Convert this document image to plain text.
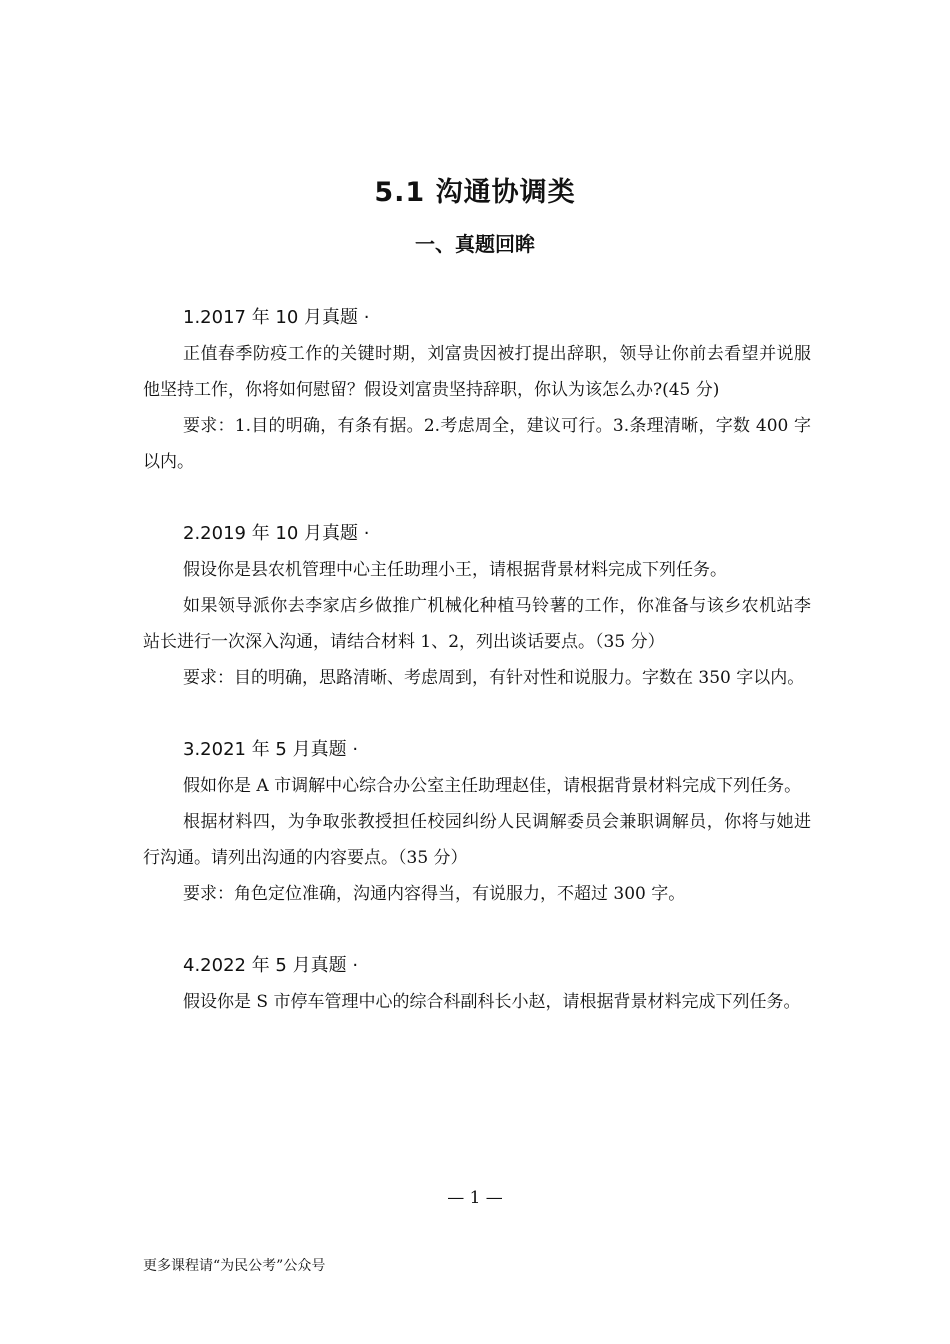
5.1 沟通协调类
一、真题回眸
1.2017 年 10 月真题 ·

正值春季防疫工作的关键时期，刘富贵因被打提出辞职，领导让你前去看望并说服他坚持工作，你将如何慰留？假设刘富贵坚持辞职，你认为该怎么办?(45 分)

要求：1.目的明确，有条有据。2.考虑周全，建议可行。3.条理清晰，字数 400 字以内。

2.2019 年 10 月真题 ·

假设你是县农机管理中心主任助理小王，请根据背景材料完成下列任务。

如果领导派你去李家店乡做推广机械化种植马铃薯的工作，你准备与该乡农机站李站长进行一次深入沟通，请结合材料 1、2，列出谈话要点。（35 分）

要求：目的明确，思路清晰、考虑周到，有针对性和说服力。字数在 350 字以内。

3.2021 年 5 月真题 ·

假如你是 A 市调解中心综合办公室主任助理赵佳，请根据背景材料完成下列任务。

根据材料四，为争取张教授担任校园纠纷人民调解委员会兼职调解员，你将与她进行沟通。请列出沟通的内容要点。（35 分）

要求：角色定位准确，沟通内容得当，有说服力，不超过 300 字。

4.2022 年 5 月真题 ·

假设你是 S 市停车管理中心的综合科副科长小赵，请根据背景材料完成下列任务。

— 1 —
更多课程请“为民公考”公众号
